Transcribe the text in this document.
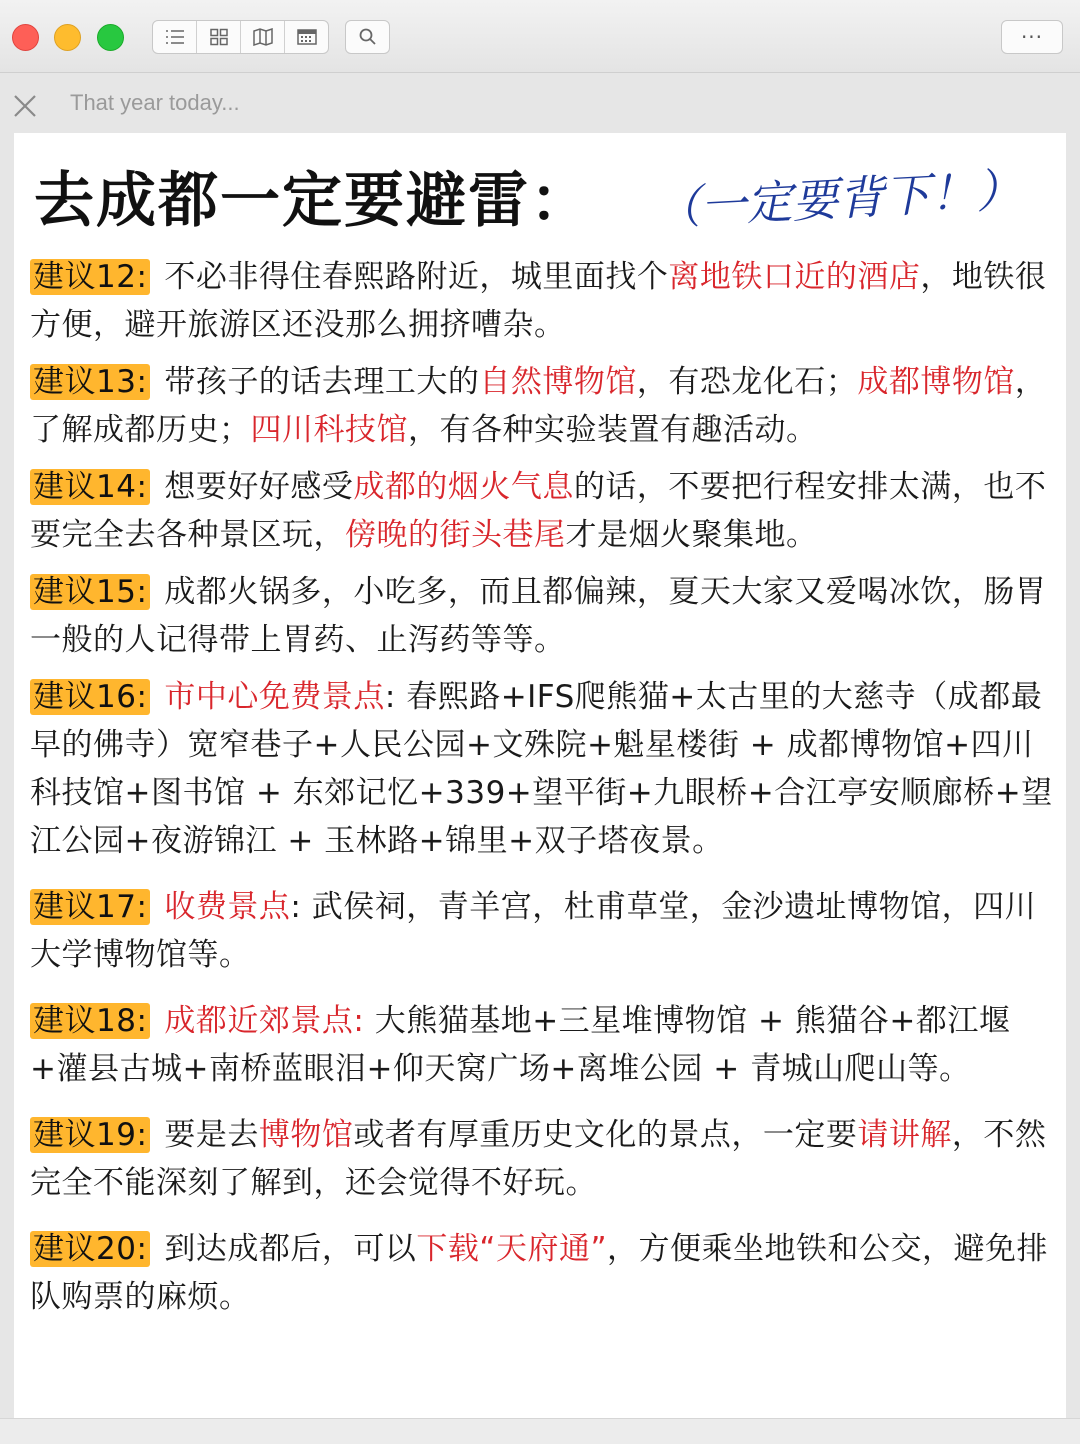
···
That year today...
去成都一定要避雷： （一定要背下！）
建议12: 不必非得住春熙路附近，城里面找个离地铁口近的酒店，地铁很方便，避开旅游区还没那么拥挤嘈杂。
建议13: 带孩子的话去理工大的自然博物馆，有恐龙化石；成都博物馆，了解成都历史；四川科技馆，有各种实验装置有趣活动。
建议14: 想要好好感受成都的烟火气息的话，不要把行程安排太满，也不要完全去各种景区玩，傍晚的街头巷尾才是烟火聚集地。
建议15: 成都火锅多，小吃多，而且都偏辣，夏天大家又爱喝冰饮，肠胃一般的人记得带上胃药、止泻药等等。
建议16: 市中心免费景点: 春熙路+IFS爬熊猫+太古里的大慈寺（成都最早的佛寺）宽窄巷子+人民公园+文殊院+魁星楼街 + 成都博物馆+四川科技馆+图书馆 + 东郊记忆+339+望平街+九眼桥+合江亭安顺廊桥+望江公园+夜游锦江 + 玉林路+锦里+双子塔夜景。
建议17: 收费景点: 武侯祠，青羊宫，杜甫草堂，金沙遗址博物馆，四川大学博物馆等。
建议18: 成都近郊景点: 大熊猫基地+三星堆博物馆 + 熊猫谷+都江堰+灌县古城+南桥蓝眼泪+仰天窝广场+离堆公园 + 青城山爬山等。
建议19: 要是去博物馆或者有厚重历史文化的景点，一定要请讲解，不然完全不能深刻了解到，还会觉得不好玩。
建议20: 到达成都后，可以下载“天府通”，方便乘坐地铁和公交，避免排队购票的麻烦。
